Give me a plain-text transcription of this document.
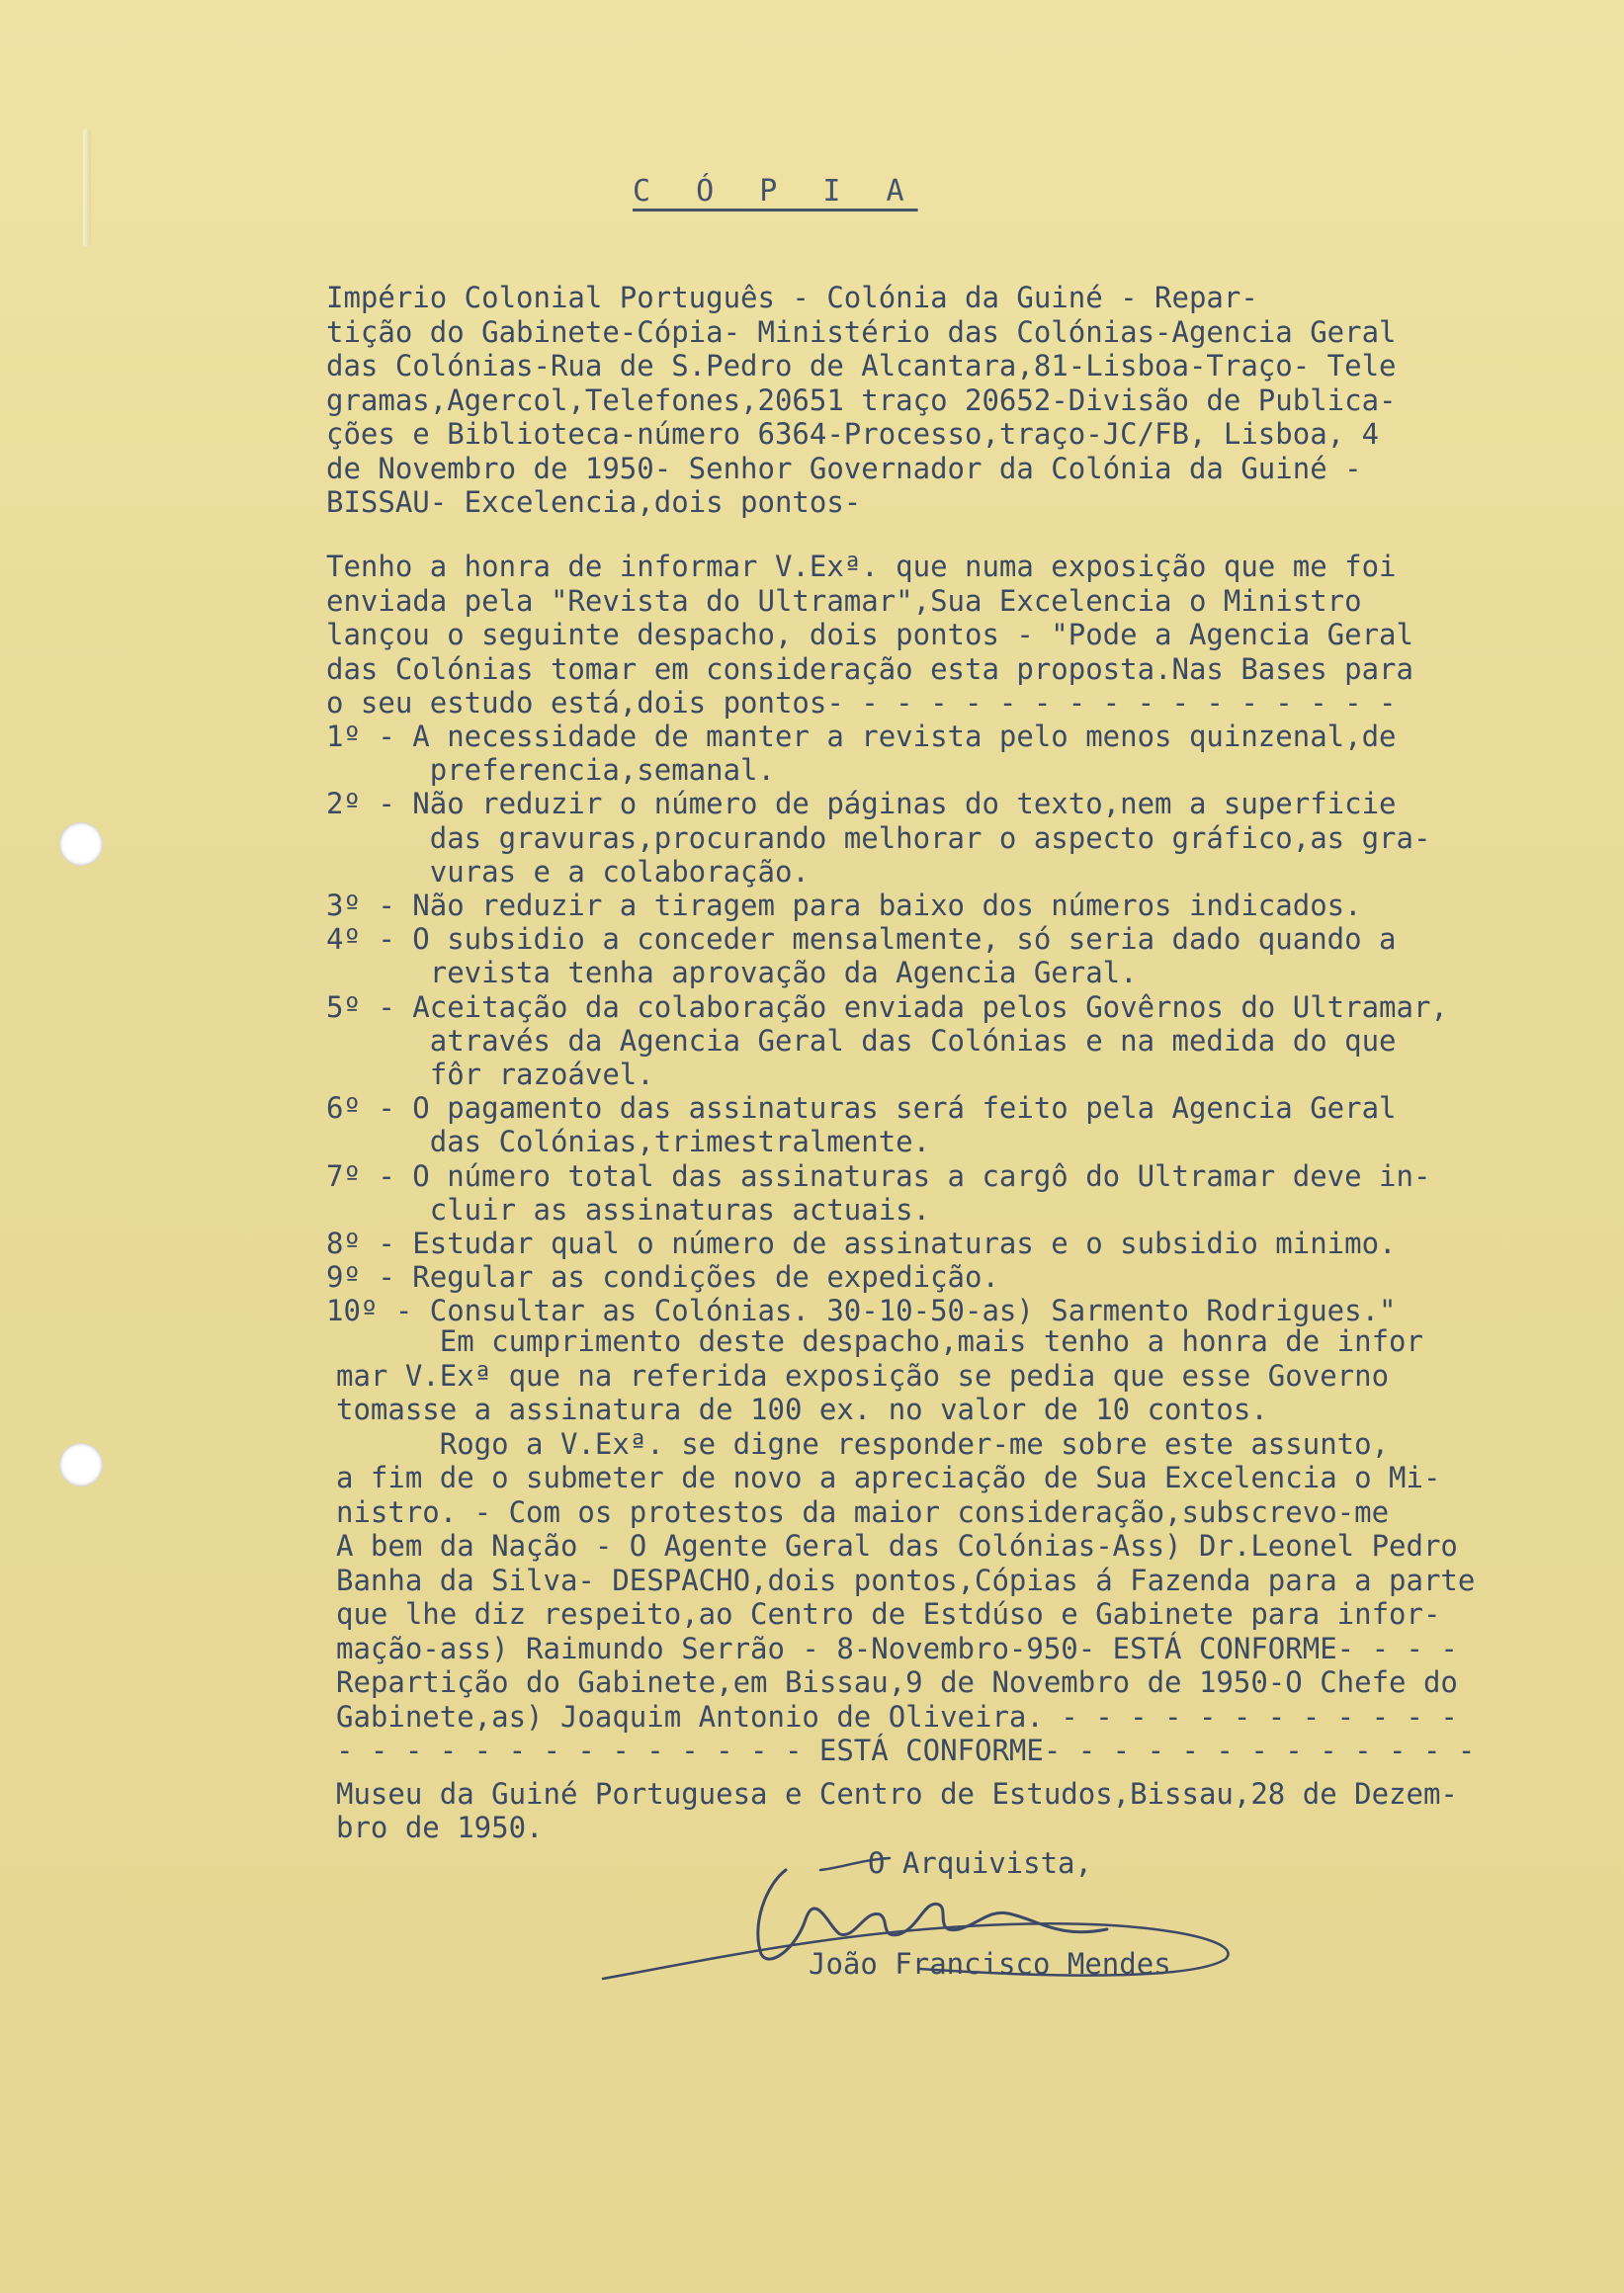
C Ó P I A
Império Colonial Português - Colónia da Guiné - Repar-
tição do Gabinete-Cópia- Ministério das Colónias-Agencia Geral
das Colónias-Rua de S.Pedro de Alcantara,81-Lisboa-Traço- Tele
gramas,Agercol,Telefones,20651 traço 20652-Divisão de Publica-
ções e Biblioteca-número 6364-Processo,traço-JC/FB, Lisboa, 4
de Novembro de 1950- Senhor Governador da Colónia da Guiné -
BISSAU- Excelencia,dois pontos-
Tenho a honra de informar V.Exª. que numa exposição que me foi
enviada pela "Revista do Ultramar",Sua Excelencia o Ministro
lançou o seguinte despacho, dois pontos - "Pode a Agencia Geral
das Colónias tomar em consideração esta proposta.Nas Bases para
o seu estudo está,dois pontos- - - - - - - - - - - - - - - - -
1º - A necessidade de manter a revista pelo menos quinzenal,de
preferencia,semanal.
2º - Não reduzir o número de páginas do texto,nem a superficie
das gravuras,procurando melhorar o aspecto gráfico,as gra-
vuras e a colaboração.
3º - Não reduzir a tiragem para baixo dos números indicados.
4º - O subsidio a conceder mensalmente, só seria dado quando a
revista tenha aprovação da Agencia Geral.
5º - Aceitação da colaboração enviada pelos Govêrnos do Ultramar,
através da Agencia Geral das Colónias e na medida do que
fôr razoável.
6º - O pagamento das assinaturas será feito pela Agencia Geral
das Colónias,trimestralmente.
7º - O número total das assinaturas a cargô do Ultramar deve in-
cluir as assinaturas actuais.
8º - Estudar qual o número de assinaturas e o subsidio minimo.
9º - Regular as condições de expedição.
10º - Consultar as Colónias. 30-10-50-as) Sarmento Rodrigues."
Em cumprimento deste despacho,mais tenho a honra de infor
mar V.Exª que na referida exposição se pedia que esse Governo
tomasse a assinatura de 100 ex. no valor de 10 contos.
Rogo a V.Exª. se digne responder-me sobre este assunto,
a fim de o submeter de novo a apreciação de Sua Excelencia o Mi-
nistro. - Com os protestos da maior consideração,subscrevo-me
A bem da Nação - O Agente Geral das Colónias-Ass) Dr.Leonel Pedro
Banha da Silva- DESPACHO,dois pontos,Cópias á Fazenda para a parte
que lhe diz respeito,ao Centro de Estdúso e Gabinete para infor-
mação-ass) Raimundo Serrão - 8-Novembro-950- ESTÁ CONFORME- - - -
Repartição do Gabinete,em Bissau,9 de Novembro de 1950-O Chefe do
Gabinete,as) Joaquim Antonio de Oliveira. - - - - - - - - - - - -
- - - - - - - - - - - - - - ESTÁ CONFORME- - - - - - - - - - - - -
Museu da Guiné Portuguesa e Centro de Estudos,Bissau,28 de Dezem-
bro de 1950.
O Arquivista,
João Francisco Mendes
